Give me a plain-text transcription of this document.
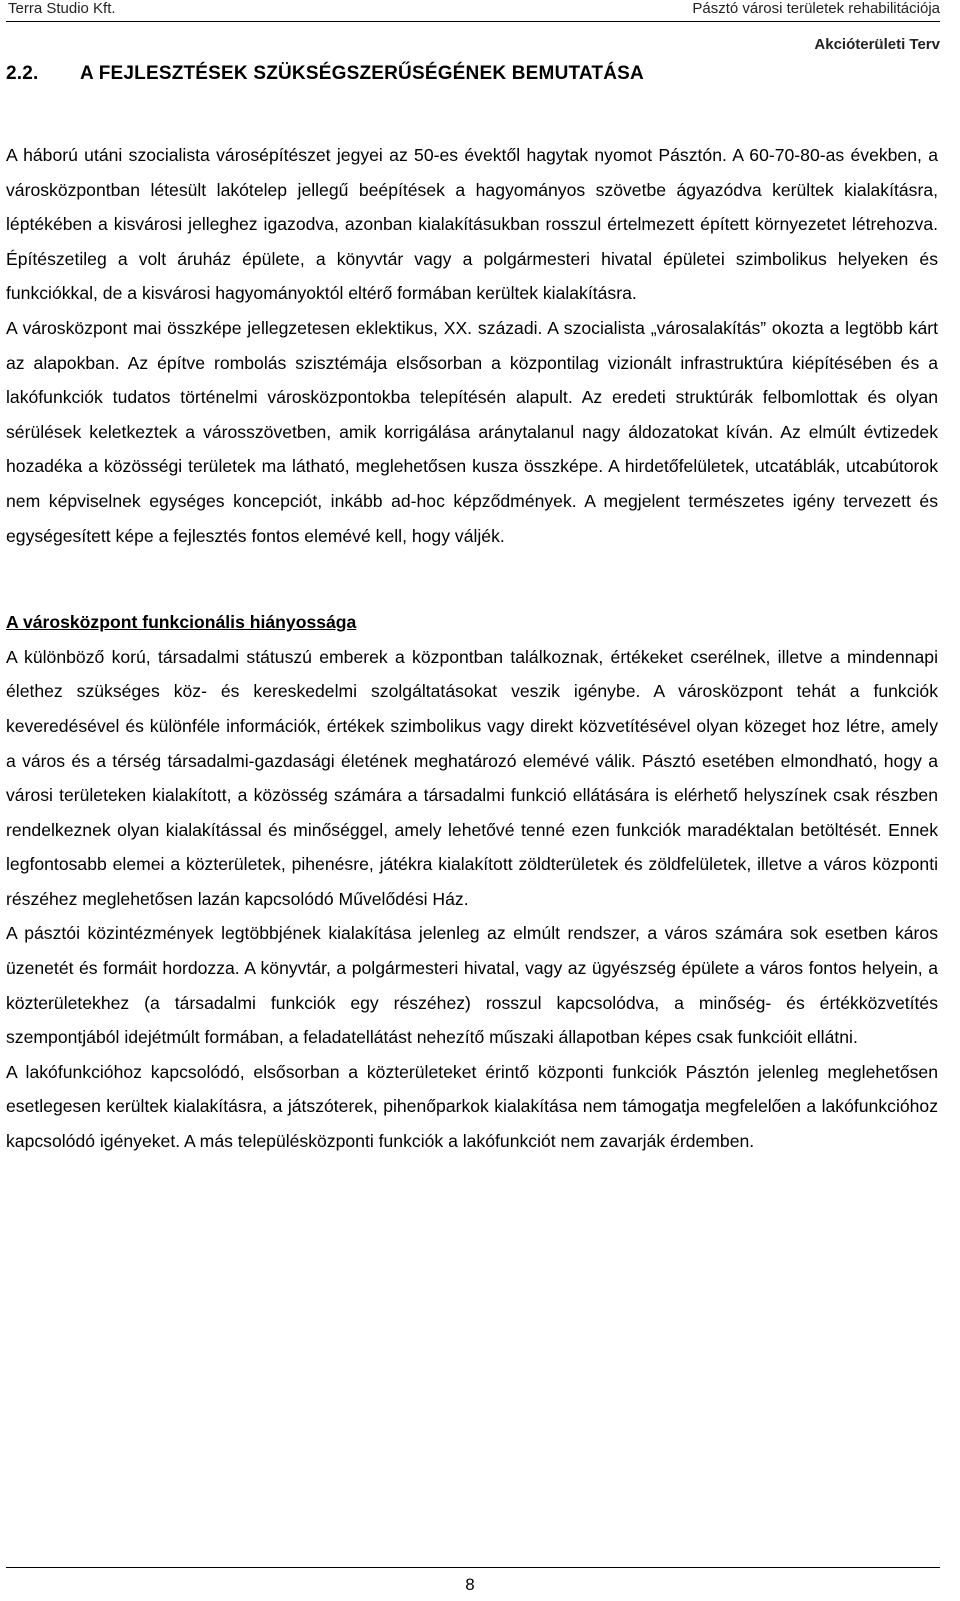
Terra Studio Kft.	Pásztó városi területek rehabilitációja
Akcióterületi Terv
2.2. A FEJLESZTÉSEK SZÜKSÉGSZERŰSÉGÉNEK BEMUTATÁSA

A háború utáni szocialista városépítészet jegyei az 50-es évektől hagytak nyomot Pásztón. A 60-70-80-as években, a városközpontban létesült lakótelep jellegű beépítések a hagyományos szövetbe ágyazódva kerültek kialakításra, léptékében a kisvárosi jelleghez igazodva, azonban kialakításukban rosszul értelmezett épített környezetet létrehozva. Építészetileg a volt áruház épülete, a könyvtár vagy a polgármesteri hivatal épületei szimbolikus helyeken és funkciókkal, de a kisvárosi hagyományoktól eltérő formában kerültek kialakításra.

A városközpont mai összképe jellegzetesen eklektikus, XX. századi. A szocialista „városalakítás” okozta a legtöbb kárt az alapokban. Az építve rombolás szisztémája elsősorban a központilag vizionált infrastruktúra kiépítésében és a lakófunkciók tudatos történelmi városközpontokba telepítésén alapult. Az eredeti struktúrák felbomlottak és olyan sérülések keletkeztek a városszövetben, amik korrigálása aránytalanul nagy áldozatokat kíván. Az elmúlt évtizedek hozadéka a közösségi területek ma látható, meglehetősen kusza összképe. A hirdetőfelületek, utcatáblák, utcabútorok nem képviselnek egységes koncepciót, inkább ad-hoc képződmények. A megjelent természetes igény tervezett és egységesített képe a fejlesztés fontos elemévé kell, hogy váljék.

A városközpont funkcionális hiányossága

A különböző korú, társadalmi státuszú emberek a központban találkoznak, értékeket cserélnek, illetve a mindennapi élethez szükséges köz- és kereskedelmi szolgáltatásokat veszik igénybe. A városközpont tehát a funkciók keveredésével és különféle információk, értékek szimbolikus vagy direkt közvetítésével olyan közeget hoz létre, amely a város és a térség társadalmi-gazdasági életének meghatározó elemévé válik. Pásztó esetében elmondható, hogy a városi területeken kialakított, a közösség számára a társadalmi funkció ellátására is elérhető helyszínek csak részben rendelkeznek olyan kialakítással és minőséggel, amely lehetővé tenné ezen funkciók maradéktalan betöltését. Ennek legfontosabb elemei a közterületek, pihenésre, játékra kialakított zöldterületek és zöldfelületek, illetve a város központi részéhez meglehetősen lazán kapcsolódó Művelődési Ház.

A pásztói közintézmények legtöbbjének kialakítása jelenleg az elmúlt rendszer, a város számára sok esetben káros üzenetét és formáit hordozza. A könyvtár, a polgármesteri hivatal, vagy az ügyészség épülete a város fontos helyein, a közterületekhez (a társadalmi funkciók egy részéhez) rosszul kapcsolódva, a minőség- és értékközvetítés szempontjából idejétmúlt formában, a feladatellátást nehezítő műszaki állapotban képes csak funkcióit ellátni.

A lakófunkcióhoz kapcsolódó, elsősorban a közterületeket érintő központi funkciók Pásztón jelenleg meglehetősen esetlegesen kerültek kialakításra, a játszóterek, pihenőparkok kialakítása nem támogatja megfelelően a lakófunkcióhoz kapcsolódó igényeket. A más településközponti funkciók a lakófunkciót nem zavarják érdemben.

8
